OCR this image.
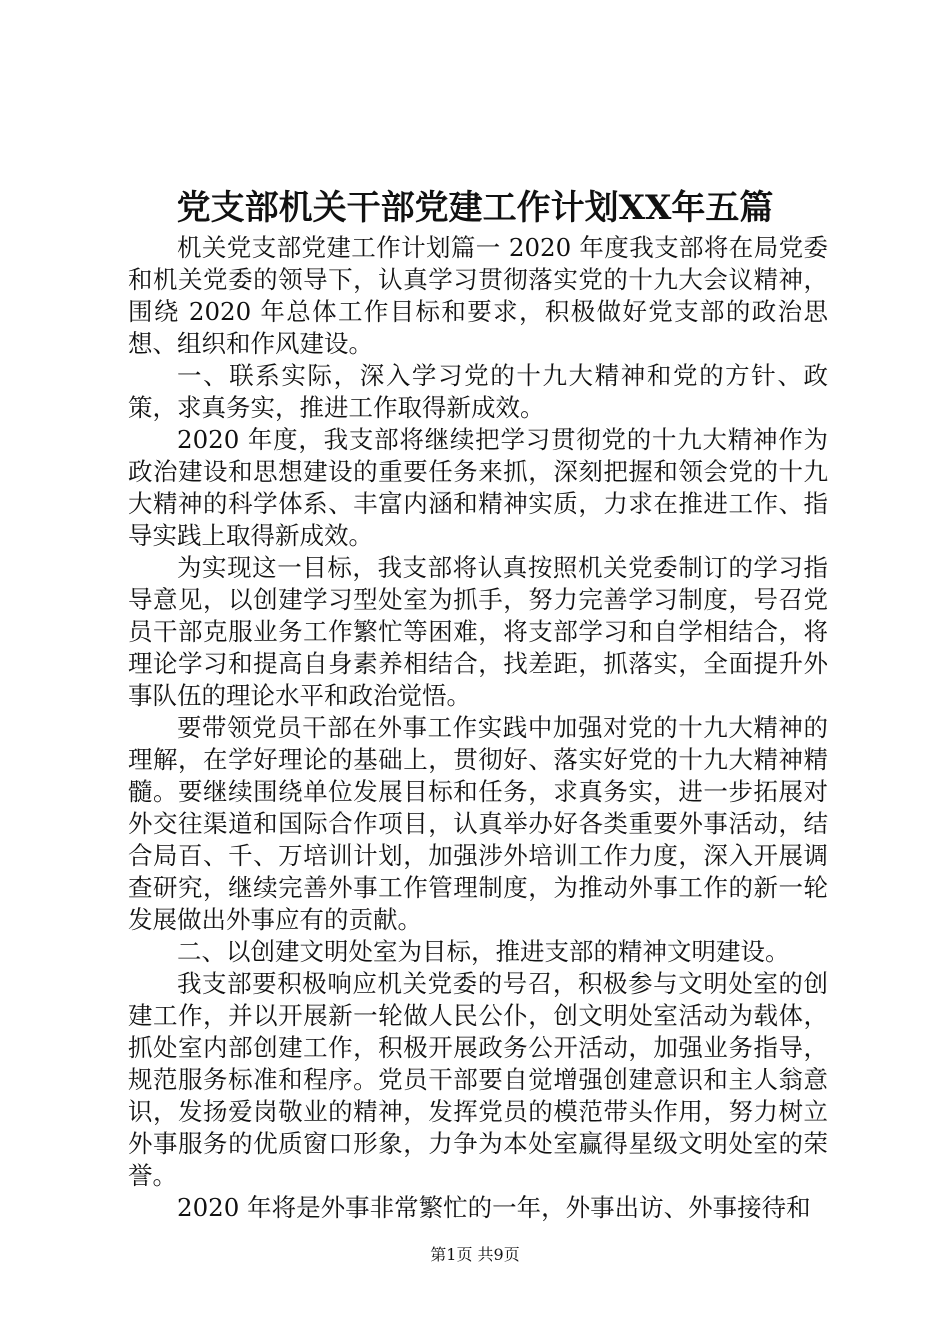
党支部机关干部党建工作计划XX年五篇

机关党支部党建工作计划篇一 2020 年度我支部将在局党委和机关党委的领导下，认真学习贯彻落实党的十九大会议精神，围绕 2020 年总体工作目标和要求，积极做好党支部的政治思想、组织和作风建设。

一、联系实际，深入学习党的十九大精神和党的方针、政策，求真务实，推进工作取得新成效。

2020 年度，我支部将继续把学习贯彻党的十九大精神作为政治建设和思想建设的重要任务来抓，深刻把握和领会党的十九大精神的科学体系、丰富内涵和精神实质，力求在推进工作、指导实践上取得新成效。

为实现这一目标，我支部将认真按照机关党委制订的学习指导意见，以创建学习型处室为抓手，努力完善学习制度，号召党员干部克服业务工作繁忙等困难，将支部学习和自学相结合，将理论学习和提高自身素养相结合，找差距，抓落实，全面提升外事队伍的理论水平和政治觉悟。

要带领党员干部在外事工作实践中加强对党的十九大精神的理解，在学好理论的基础上，贯彻好、落实好党的十九大精神精髓。要继续围绕单位发展目标和任务，求真务实，进一步拓展对外交往渠道和国际合作项目，认真举办好各类重要外事活动，结合局百、千、万培训计划，加强涉外培训工作力度，深入开展调查研究，继续完善外事工作管理制度，为推动外事工作的新一轮发展做出外事应有的贡献。

二、以创建文明处室为目标，推进支部的精神文明建设。

我支部要积极响应机关党委的号召，积极参与文明处室的创建工作，并以开展新一轮做人民公仆，创文明处室活动为载体，抓处室内部创建工作，积极开展政务公开活动，加强业务指导，规范服务标准和程序。党员干部要自觉增强创建意识和主人翁意识，发扬爱岗敬业的精神，发挥党员的模范带头作用，努力树立外事服务的优质窗口形象，力争为本处室赢得星级文明处室的荣誉。

2020 年将是外事非常繁忙的一年，外事出访、外事接待和

第1页 共9页
